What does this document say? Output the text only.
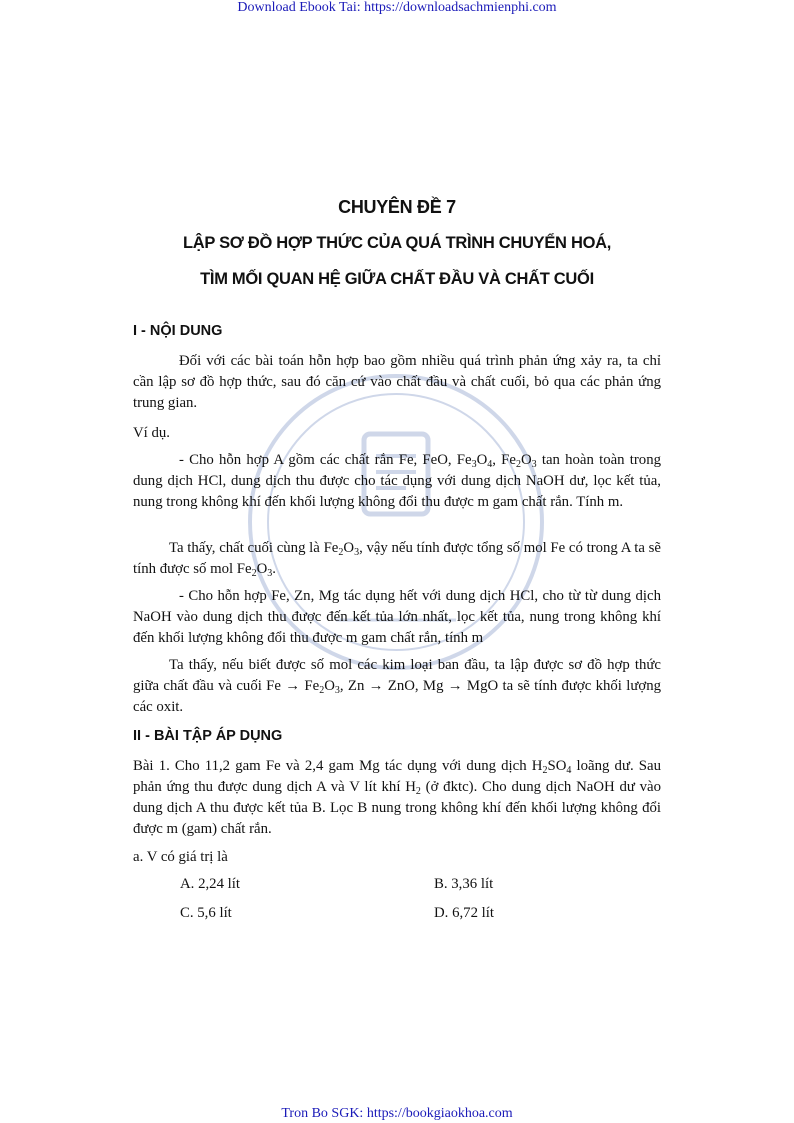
Download Ebook Tai: https://downloadsachmienphi.com
CHUYÊN ĐỀ 7
LẬP SƠ ĐỒ HỢP THỨC CỦA QUÁ TRÌNH CHUYỂN HOÁ,
TÌM MỐI QUAN HỆ GIỮA CHẤT ĐẦU VÀ CHẤT CUỐI
I - NỘI DUNG
Đối với các bài toán hỗn hợp bao gồm nhiều quá trình phản ứng xảy ra, ta chỉ cần lập sơ đồ hợp thức, sau đó căn cứ vào chất đầu và chất cuối, bỏ qua các phản ứng trung gian.
Ví dụ.
- Cho hỗn hợp A gồm các chất rắn Fe, FeO, $Fe_3O_4$, $Fe_2O_3$ tan hoàn toàn trong dung dịch HCl, dung dịch thu được cho tác dụng với dung dịch NaOH dư, lọc kết tủa, nung trong không khí đến khối lượng không đổi thu được m gam chất rắn. Tính m.
Ta thấy, chất cuối cùng là $Fe_2O_3$, vậy nếu tính được tổng số mol Fe có trong A ta sẽ tính được số mol $Fe_2O_3$.
- Cho hỗn hợp Fe, Zn, Mg tác dụng hết với dung dịch HCl, cho từ từ dung dịch NaOH vào dung dịch thu được đến kết tủa lớn nhất, lọc kết tủa, nung trong không khí đến khối lượng không đổi thu được m gam chất rắn, tính m
Ta thấy, nếu biết được số mol các kim loại ban đầu, ta lập được sơ đồ hợp thức giữa chất đầu và cuối $Fe \to Fe_2O_3$, Zn → ZnO, Mg → MgO ta sẽ tính được khối lượng các oxit.
II - BÀI TẬP ÁP DỤNG
Bài 1. Cho 11,2 gam Fe và 2,4 gam Mg tác dụng với dung dịch $H_2SO_4$ loãng dư. Sau phản ứng thu được dung dịch A và V lít khí $H_2$ (ở đktc). Cho dung dịch NaOH dư vào dung dịch A thu được kết tủa B. Lọc B nung trong không khí đến khối lượng không đổi được m (gam) chất rắn.
a. V có giá trị là
A. 2,24 lít	B. 3,36 lít
C. 5,6 lít	D. 6,72 lít
Tron Bo SGK: https://bookgiaokhoa.com
